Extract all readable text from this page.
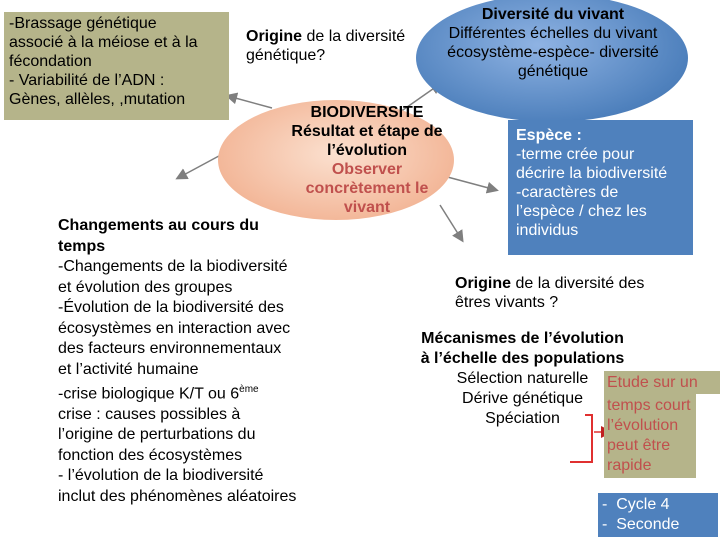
-Brassage génétique
associé à la méiose et à la
fécondation
- Variabilité de l’ADN :
Gènes, allèles, ,mutation
Origine de la diversité génétique?
Diversité du vivant
Différentes échelles du vivant écosystème-espèce- diversité génétique
BIODIVERSITE
Résultat et étape de l’évolution
Observer concrètement le vivant
Espèce :
-terme crée pour
décrire la biodiversité
-caractères de
l’espèce / chez les
individus
Changements au cours du temps
-Changements de la biodiversité
et évolution des groupes
-Évolution de la biodiversité des
écosystèmes en interaction avec
des facteurs environnementaux
et l’activité humaine
-crise biologique K/T ou 6ème
crise : causes possibles à
l’origine de perturbations du
fonction des écosystèmes
- l’évolution de la biodiversité
inclut des phénomènes aléatoires
Origine de la diversité des êtres vivants ?
Mécanismes de l’évolution à l’échelle des populations
Sélection naturelle
Dérive génétique
Spéciation
Etude sur un
temps court
l’évolution
peut être
rapide
-  Cycle 4
-  Seconde
